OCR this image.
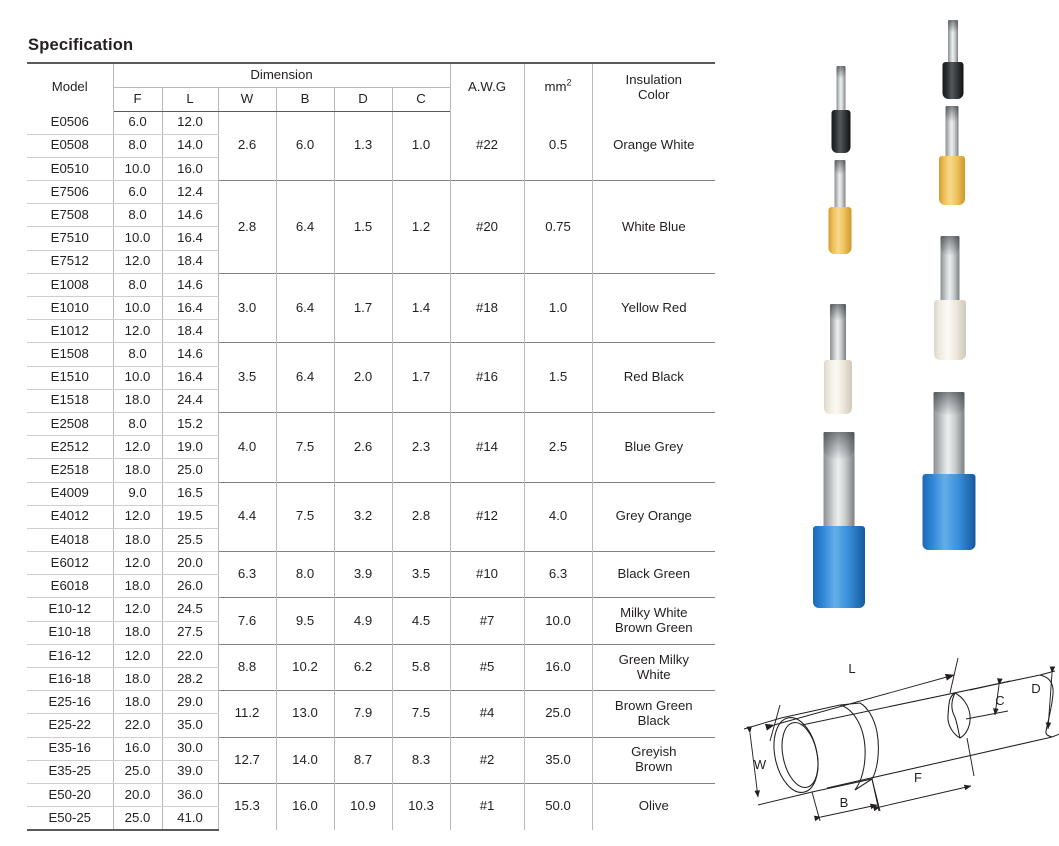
Specification
Model	Dimension						A.W.G	$mm^2$	Insulation
Color
	F	L	W	B	D	C			
E0506	6.0	12.0	2.6	6.0	1.3	1.0	#22	0.5	Orange White
E0508	8.0	14.0							
E0510	10.0	16.0							
E7506	6.0	12.4	2.8	6.4	1.5	1.2	#20	0.75	White Blue
E7508	8.0	14.6							
E7510	10.0	16.4							
E7512	12.0	18.4							
E1008	8.0	14.6	3.0	6.4	1.7	1.4	#18	1.0	Yellow Red
E1010	10.0	16.4							
E1012	12.0	18.4							
E1508	8.0	14.6	3.5	6.4	2.0	1.7	#16	1.5	Red Black
E1510	10.0	16.4							
E1518	18.0	24.4							
E2508	8.0	15.2	4.0	7.5	2.6	2.3	#14	2.5	Blue Grey
E2512	12.0	19.0							
E2518	18.0	25.0							
E4009	9.0	16.5	4.4	7.5	3.2	2.8	#12	4.0	Grey Orange
E4012	12.0	19.5							
E4018	18.0	25.5							
E6012	12.0	20.0	6.3	8.0	3.9	3.5	#10	6.3	Black Green
E6018	18.0	26.0							
E10-12	12.0	24.5	7.6	9.5	4.9	4.5	#7	10.0	Milky White
Brown Green
E10-18	18.0	27.5							
E16-12	12.0	22.0	8.8	10.2	6.2	5.8	#5	16.0	Green Milky
White
E16-18	18.0	28.2							
E25-16	18.0	29.0	11.2	13.0	7.9	7.5	#4	25.0	Brown Green
Black
E25-22	22.0	35.0							
E35-16	16.0	30.0	12.7	14.0	8.7	8.3	#2	35.0	Greyish
Brown
E35-25	25.0	39.0							
E50-20	20.0	36.0	15.3	16.0	10.9	10.3	#1	50.0	Olive
E50-25	25.0	41.0							
L
D
C
W
B
F
